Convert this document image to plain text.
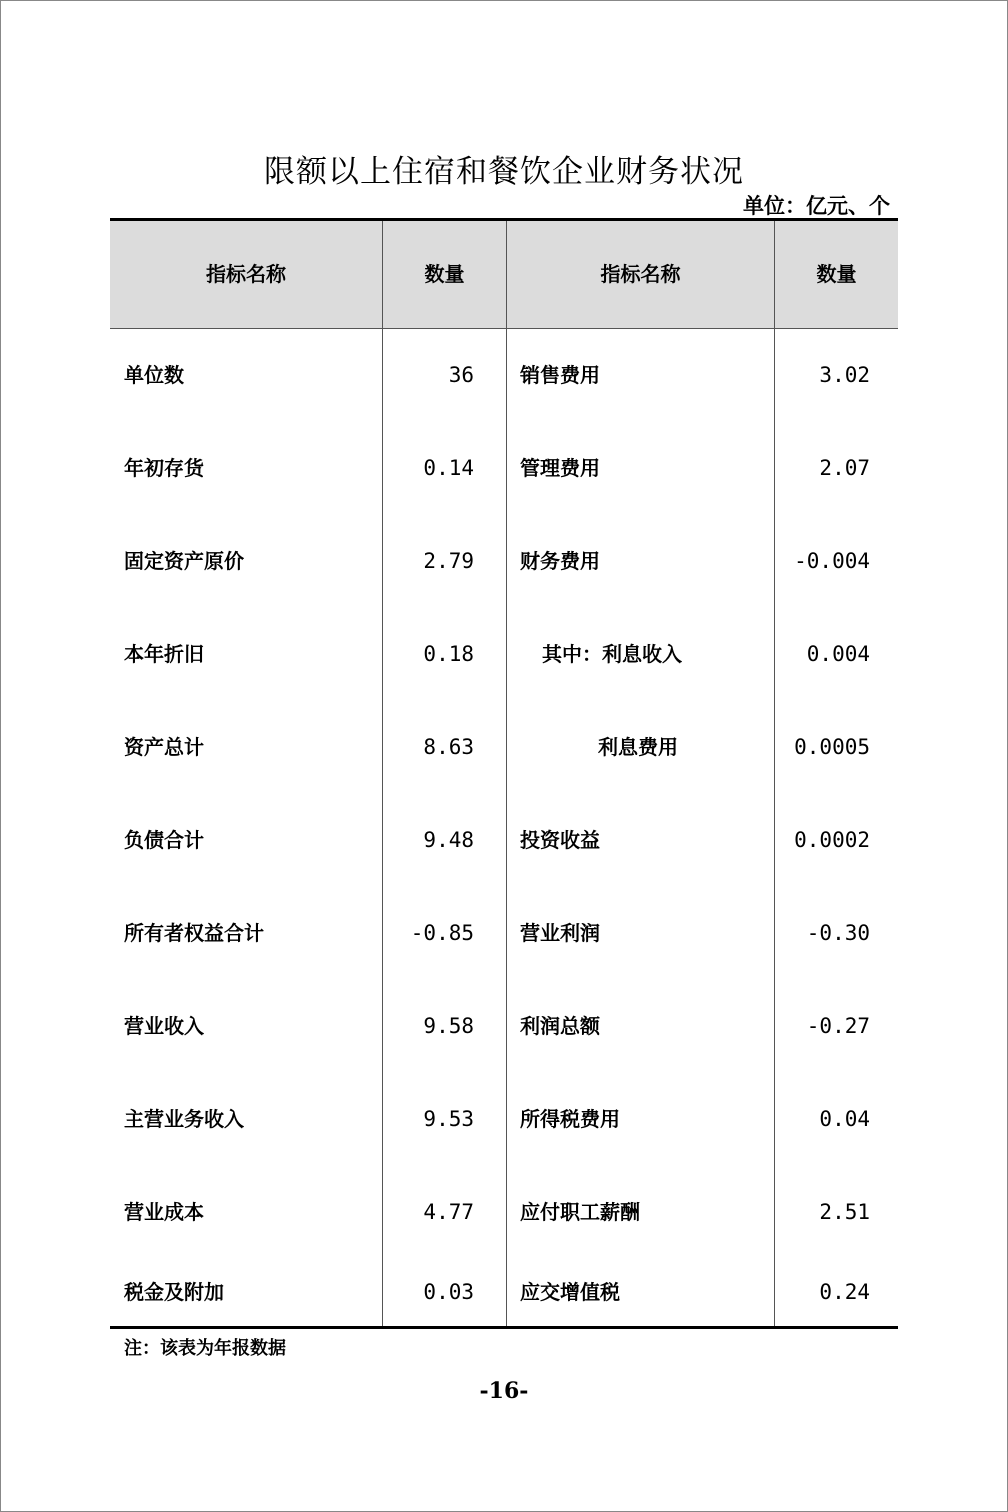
限额以上住宿和餐饮企业财务状况
单位：亿元、个
指标名称	数量	指标名称	数量
单位数	36 销售费用	3.02
年初存货	0.14 管理费用	2.07
固定资产原价	2.79 财务费用	-0.004
本年折旧	0.18	其中：利息收入	0.004
资产总计	8.63	利息费用	0.0005
负债合计	9.48 投资收益	0.0002
所有者权益合计	-0.85 营业利润	-0.30
营业收入	9.58 利润总额	-0.27
主营业务收入	9.53 所得税费用	0.04
营业成本	4.77 应付职工薪酬	2.51
税金及附加	0.03 应交增值税	0.24
注：该表为年报数据
-16-
